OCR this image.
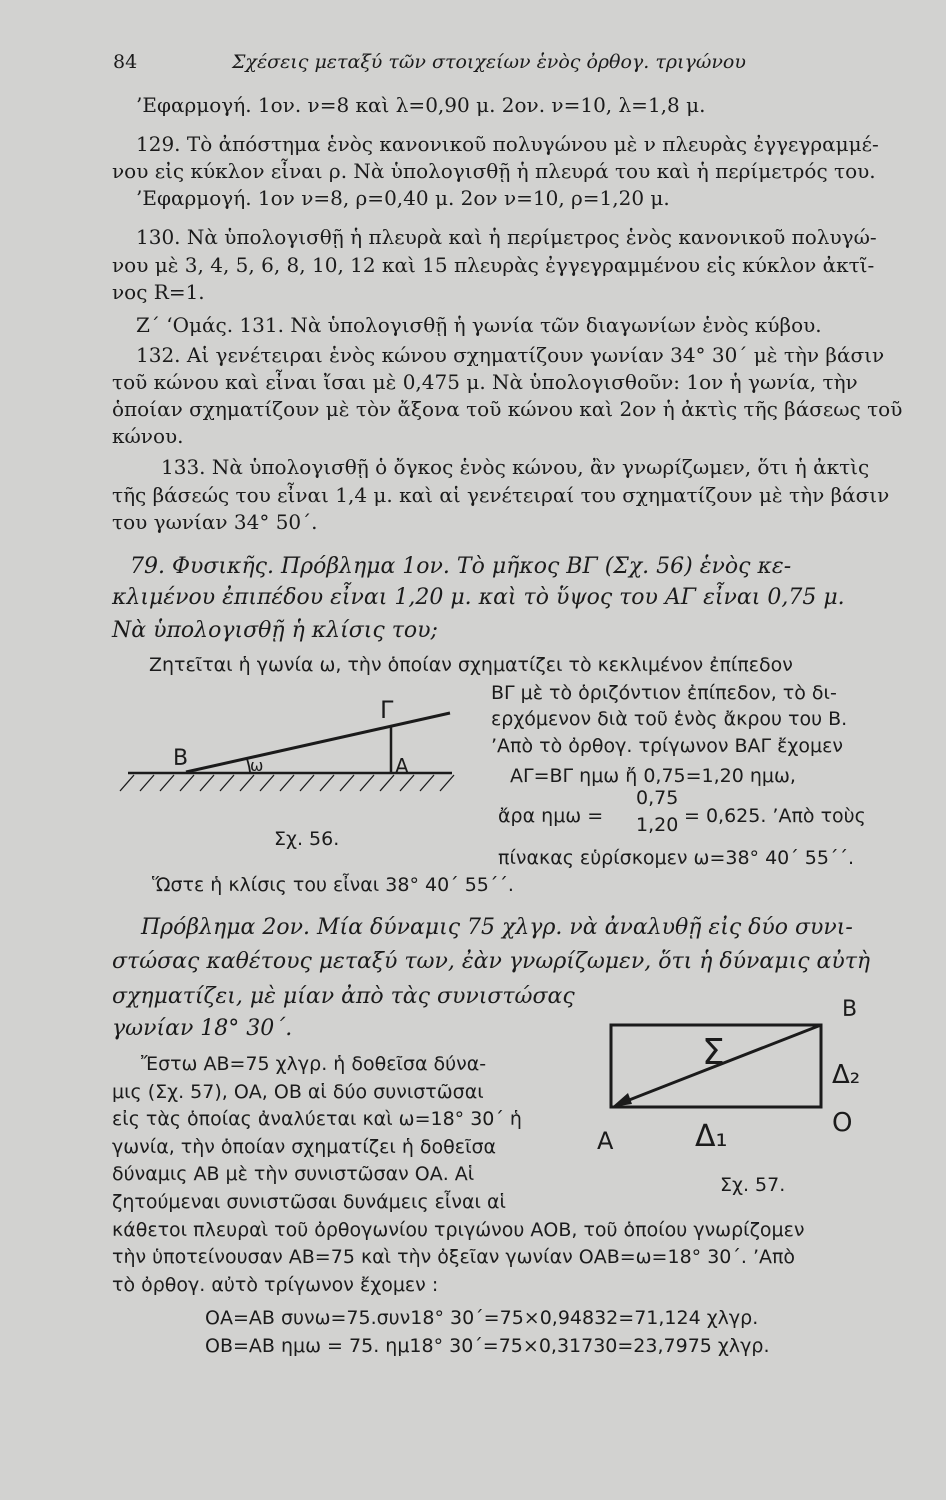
84	Σχέσεις μεταξύ τῶν στοιχείων ἑνὸς ὀρθογ. τριγώνου
’Εφαρμογή. 1ον. ν=8 καὶ λ=0,90 μ. 2ον. ν=10, λ=1,8 μ.
129. Τὸ ἀπόστημα ἑνὸς κανονικοῦ πολυγώνου μὲ ν πλευρὰς ἐγγεγραμμέ-
νου εἰς κύκλον εἶναι ρ. Νὰ ὑπολογισθῇ ἡ πλευρά του καὶ ἡ περίμετρός του.
’Εφαρμογή. 1ον ν=8, ρ=0,40 μ. 2ον ν=10, ρ=1,20 μ.
130. Νὰ ὑπολογισθῇ ἡ πλευρὰ καὶ ἡ περίμετρος ἑνὸς κανονικοῦ πολυγώ-
νου μὲ 3, 4, 5, 6, 8, 10, 12 καὶ 15 πλευρὰς ἐγγεγραμμένου εἰς κύκλον ἀκτῖ-
νος R=1.
Ζ΄ ‘Ομάς. 131. Νὰ ὑπολογισθῇ ἡ γωνία τῶν διαγωνίων ἑνὸς κύβου.
132. Αἱ γενέτειραι ἑνὸς κώνου σχηματίζουν γωνίαν 34° 30΄ μὲ τὴν βάσιν
τοῦ κώνου καὶ εἶναι ἴσαι μὲ 0,475 μ. Νὰ ὑπολογισθοῦν: 1ον ἡ γωνία, τὴν
ὁποίαν σχηματίζουν μὲ τὸν ἄξονα τοῦ κώνου καὶ 2ον ἡ ἀκτὶς τῆς βάσεως τοῦ
κώνου.
133. Νὰ ὑπολογισθῇ ὁ ὄγκος ἑνὸς κώνου, ἂν γνωρίζωμεν, ὅτι ἡ ἀκτὶς
τῆς βάσεώς του εἶναι 1,4 μ. καὶ αἱ γενέτειραί του σχηματίζουν μὲ τὴν βάσιν
του γωνίαν 34° 50΄.
79. Φυσικῆς. Πρόβλημα 1ον. Τὸ μῆκος ΒΓ (Σχ. 56) ἑνὸς κε-
κλιμένου ἐπιπέδου εἶναι 1,20 μ. καὶ τὸ ὕψος του ΑΓ εἶναι 0,75 μ.
Νὰ ὑπολογισθῇ ἡ κλίσις του;
Ζητεῖται ἡ γωνία ω, τὴν ὁποίαν σχηματίζει τὸ κεκλιμένον ἐπίπεδον
ΒΓ μὲ τὸ ὁριζόντιον ἐπίπεδον, τὸ δι-
ερχόμενον διὰ τοῦ ἑνὸς ἄκρου του Β.
’Απὸ τὸ ὀρθογ. τρίγωνον ΒΑΓ ἔχομεν
ΑΓ=ΒΓ ημω ἤ 0,75=1,20 ημω,
ἄρα ημω =
0,75
1,20 = 0,625. ’Απὸ τοὺς
πίνακας εὑρίσκομεν ω=38° 40΄ 55΄΄.
Ὥστε ἡ κλίσις του εἶναι 38° 40΄ 55΄΄.
Γ
Β	Α
ω
Σχ. 56.
Πρόβλημα 2ον. Μία δύναμις 75 χλγρ. νὰ ἀναλυθῇ εἰς δύο συνι-
στώσας καθέτους μεταξύ των, ἐὰν γνωρίζωμεν, ὅτι ἡ δύναμις αὐτὴ
σχηματίζει, μὲ μίαν ἀπὸ τὰς συνιστώσας
γωνίαν 18° 30΄.
Ἔστω ΑΒ=75 χλγρ. ἡ δοθεῖσα δύνα-
μις (Σχ. 57), ΟΑ, ΟΒ αἱ δύο συνιστῶσαι
εἰς τὰς ὁποίας ἀναλύεται καὶ ω=18° 30΄ ἡ
γωνία, τὴν ὁποίαν σχηματίζει ἡ δοθεῖσα
δύναμις ΑΒ μὲ τὴν συνιστῶσαν ΟΑ. Αἱ
ζητούμεναι συνιστῶσαι δυνάμεις εἶναι αἱ
κάθετοι πλευραὶ τοῦ ὀρθογωνίου τριγώνου ΑΟΒ, τοῦ ὁποίου γνωρίζομεν
τὴν ὑποτείνουσαν ΑΒ=75 καὶ τὴν ὀξεῖαν γωνίαν ΟΑΒ=ω=18° 30΄. ’Απὸ
τὸ ὀρθογ. αὐτὸ τρίγωνον ἔχομεν :
ΟΑ=ΑΒ συνω=75.συν18° 30΄=75×0,94832=71,124 χλγρ.
ΟΒ=ΑΒ ημω = 75. ημ18° 30΄=75×0,31730=23,7975 χλγρ.
Β
Σ
Δ₂
Ο
Α	Δ₁
Σχ. 57.
